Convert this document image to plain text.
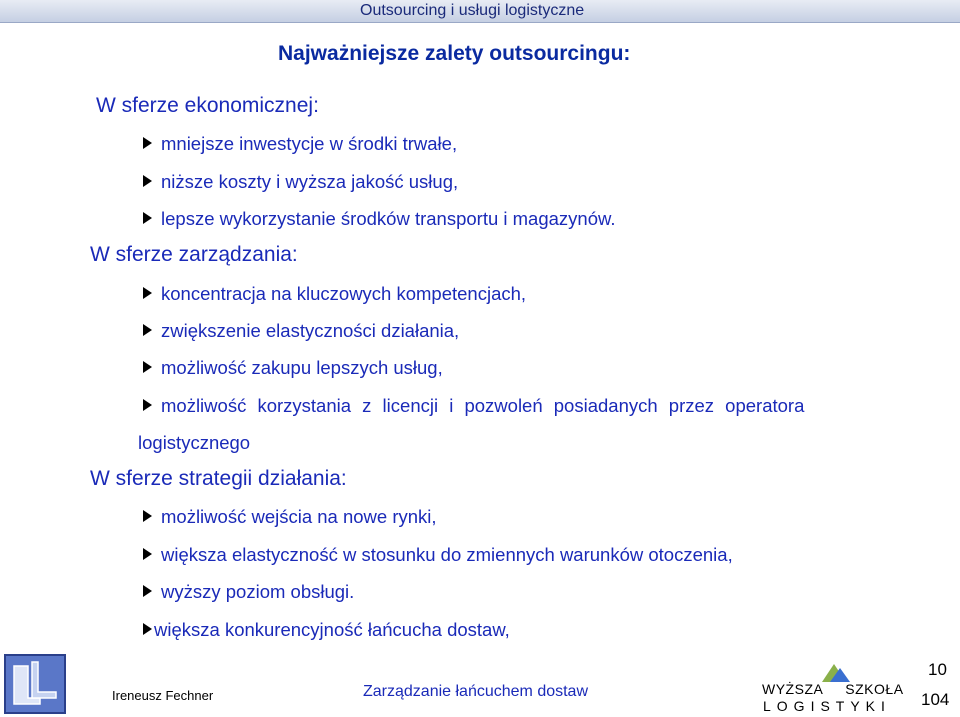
Outsourcing i usługi logistyczne
Najważniejsze zalety outsourcingu:
W sferze ekonomicznej:
mniejsze inwestycje w środki trwałe,
niższe koszty i wyższa jakość usług,
lepsze wykorzystanie środków transportu i magazynów.
W sferze zarządzania:
koncentracja na kluczowych kompetencjach,
zwiększenie elastyczności działania,
możliwość zakupu lepszych usług,
możliwość korzystania z licencji i pozwoleń posiadanych przez operatora
logistycznego
W sferze strategii działania:
możliwość wejścia na nowe rynki,
większa elastyczność w stosunku do zmiennych warunków otoczenia,
wyższy poziom obsługi.
większa konkurencyjność łańcucha dostaw,
Ireneusz Fechner	Zarządzanie łańcuchem dostaw	WYŻSZA SZKOŁA
LOGISTYKI
10
104
